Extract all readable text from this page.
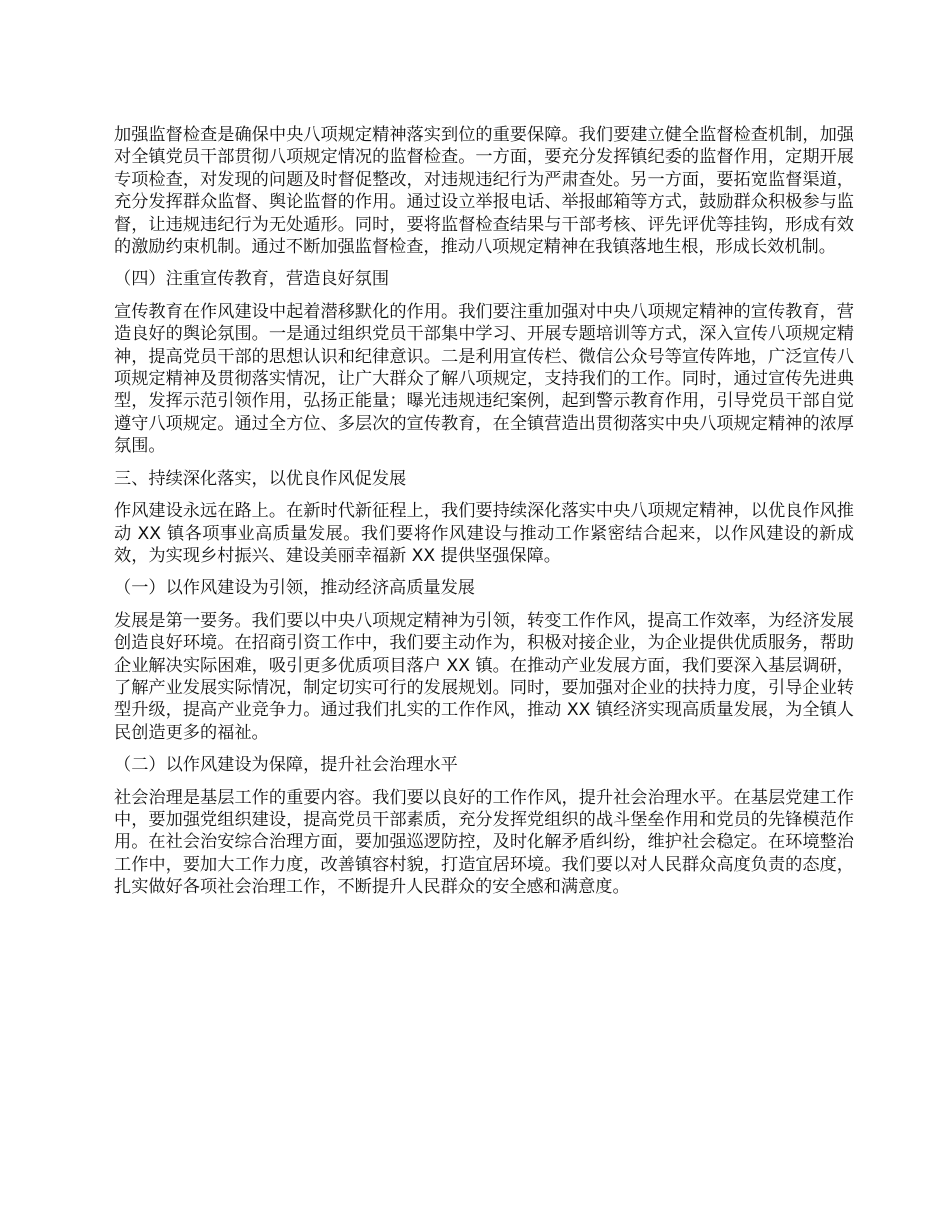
加强监督检查是确保中央八项规定精神落实到位的重要保障。我们要建立健全监督检查机制，加强对全镇党员干部贯彻八项规定情况的监督检查。一方面，要充分发挥镇纪委的监督作用，定期开展专项检查，对发现的问题及时督促整改，对违规违纪行为严肃查处。另一方面，要拓宽监督渠道，充分发挥群众监督、舆论监督的作用。通过设立举报电话、举报邮箱等方式，鼓励群众积极参与监督，让违规违纪行为无处遁形。同时，要将监督检查结果与干部考核、评先评优等挂钩，形成有效的激励约束机制。通过不断加强监督检查，推动八项规定精神在我镇落地生根，形成长效机制。

（四）注重宣传教育，营造良好氛围

宣传教育在作风建设中起着潜移默化的作用。我们要注重加强对中央八项规定精神的宣传教育，营造良好的舆论氛围。一是通过组织党员干部集中学习、开展专题培训等方式，深入宣传八项规定精神，提高党员干部的思想认识和纪律意识。二是利用宣传栏、微信公众号等宣传阵地，广泛宣传八项规定精神及贯彻落实情况，让广大群众了解八项规定，支持我们的工作。同时，通过宣传先进典型，发挥示范引领作用，弘扬正能量；曝光违规违纪案例，起到警示教育作用，引导党员干部自觉遵守八项规定。通过全方位、多层次的宣传教育，在全镇营造出贯彻落实中央八项规定精神的浓厚氛围。

三、持续深化落实，以优良作风促发展

作风建设永远在路上。在新时代新征程上，我们要持续深化落实中央八项规定精神，以优良作风推动 XX 镇各项事业高质量发展。我们要将作风建设与推动工作紧密结合起来，以作风建设的新成效，为实现乡村振兴、建设美丽幸福新 XX 提供坚强保障。

（一）以作风建设为引领，推动经济高质量发展

发展是第一要务。我们要以中央八项规定精神为引领，转变工作作风，提高工作效率，为经济发展创造良好环境。在招商引资工作中，我们要主动作为，积极对接企业，为企业提供优质服务，帮助企业解决实际困难，吸引更多优质项目落户 XX 镇。在推动产业发展方面，我们要深入基层调研，了解产业发展实际情况，制定切实可行的发展规划。同时，要加强对企业的扶持力度，引导企业转型升级，提高产业竞争力。通过我们扎实的工作作风，推动 XX 镇经济实现高质量发展，为全镇人民创造更多的福祉。

（二）以作风建设为保障，提升社会治理水平

社会治理是基层工作的重要内容。我们要以良好的工作作风，提升社会治理水平。在基层党建工作中，要加强党组织建设，提高党员干部素质，充分发挥党组织的战斗堡垒作用和党员的先锋模范作用。在社会治安综合治理方面，要加强巡逻防控，及时化解矛盾纠纷，维护社会稳定。在环境整治工作中，要加大工作力度，改善镇容村貌，打造宜居环境。我们要以对人民群众高度负责的态度，扎实做好各项社会治理工作，不断提升人民群众的安全感和满意度。
